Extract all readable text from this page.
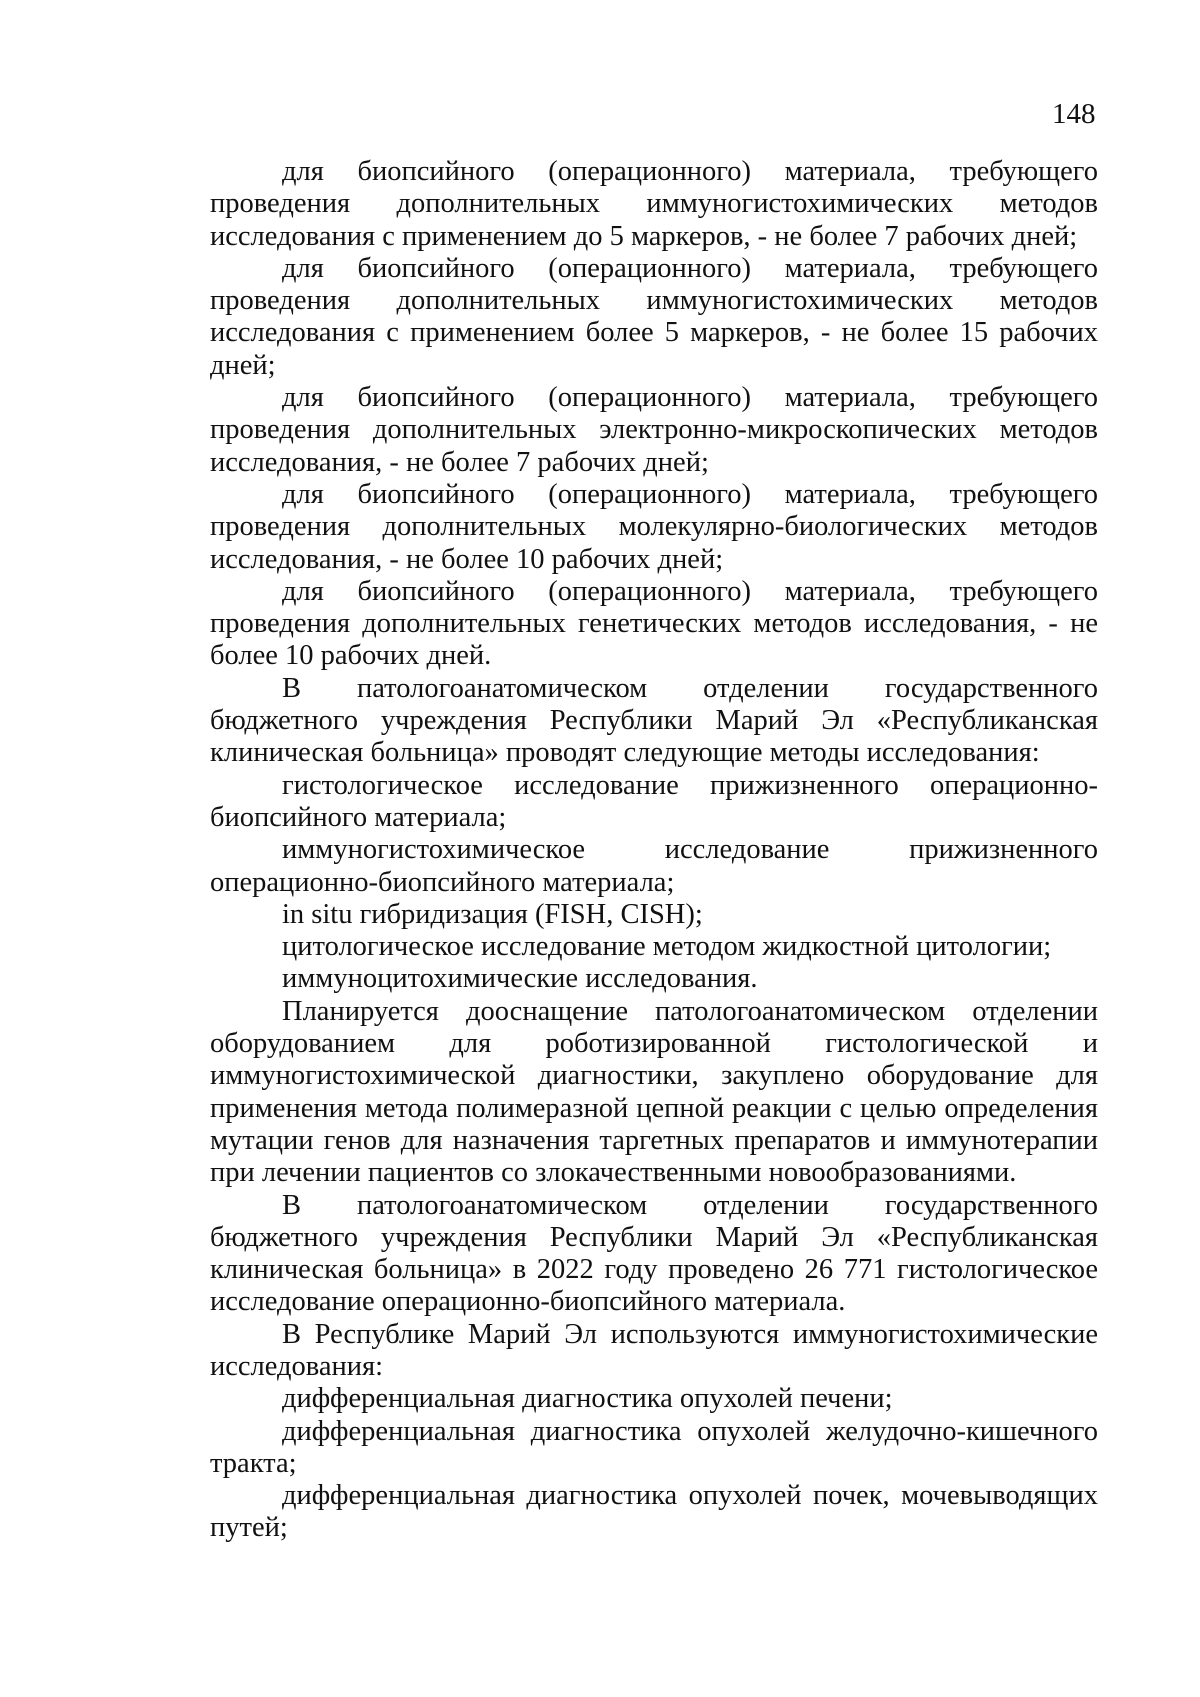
148

для биопсийного (операционного) материала, требующего проведения дополнительных иммуногистохимических методов исследования с применением до 5 маркеров, - не более 7 рабочих дней;

для биопсийного (операционного) материала, требующего проведения дополнительных иммуногистохимических методов исследования с применением более 5 маркеров, - не более 15 рабочих дней;

для биопсийного (операционного) материала, требующего проведения дополнительных электронно-микроскопических методов исследования, - не более 7 рабочих дней;

для биопсийного (операционного) материала, требующего проведения дополнительных молекулярно-биологических методов исследования, - не более 10 рабочих дней;

для биопсийного (операционного) материала, требующего проведения дополнительных генетических методов исследования, - не более 10 рабочих дней.

В патологоанатомическом отделении государственного бюджетного учреждения Республики Марий Эл «Республиканская клиническая больница» проводят следующие методы исследования:

гистологическое исследование прижизненного операционно-биопсийного материала;

иммуногистохимическое исследование прижизненного операционно-биопсийного материала;

in situ гибридизация (FISH, CISH);

цитологическое исследование методом жидкостной цитологии;

иммуноцитохимические исследования.

Планируется дооснащение патологоанатомическом отделении оборудованием для роботизированной гистологической и иммуногистохимической диагностики, закуплено оборудование для применения метода полимеразной цепной реакции с целью определения мутации генов для назначения таргетных препаратов и иммунотерапии при лечении пациентов со злокачественными новообразованиями.

В патологоанатомическом отделении государственного бюджетного учреждения Республики Марий Эл «Республиканская клиническая больница» в 2022 году проведено 26 771 гистологическое исследование операционно-биопсийного материала.

В Республике Марий Эл используются иммуногистохимические исследования:

дифференциальная диагностика опухолей печени;

дифференциальная диагностика опухолей желудочно-кишечного тракта;

дифференциальная диагностика опухолей почек, мочевыводящих путей;
